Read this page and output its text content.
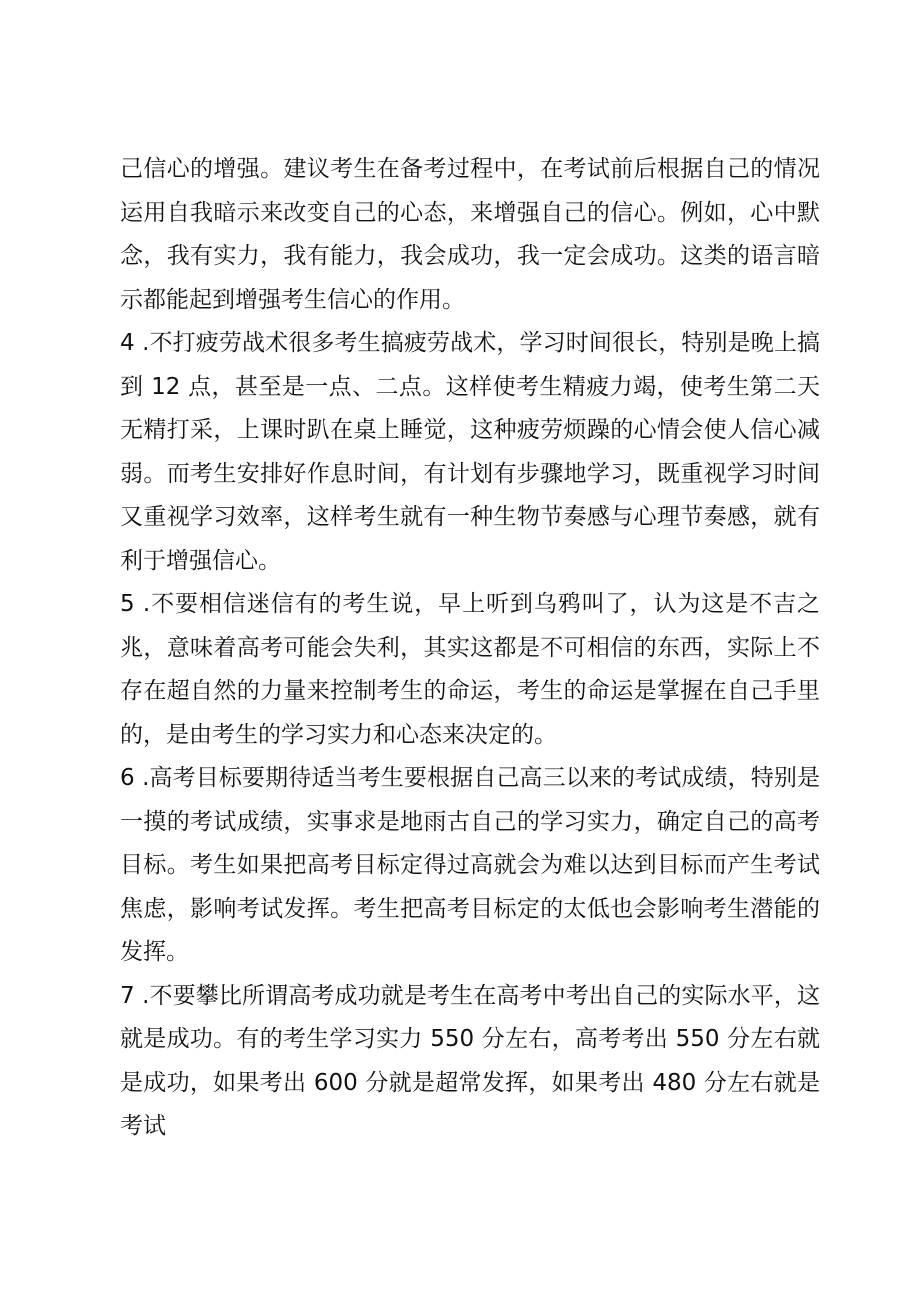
己信心的增强。建议考生在备考过程中，在考试前后根据自己的情况运用自我暗示来改变自己的心态，来增强自己的信心。例如，心中默念，我有实力，我有能力，我会成功，我一定会成功。这类的语言暗示都能起到增强考生信心的作用。

4 .不打疲劳战术很多考生搞疲劳战术，学习时间很长，特别是晚上搞到 12 点，甚至是一点、二点。这样使考生精疲力竭，使考生第二天无精打采，上课时趴在桌上睡觉，这种疲劳烦躁的心情会使人信心减弱。而考生安排好作息时间，有计划有步骤地学习，既重视学习时间又重视学习效率，这样考生就有一种生物节奏感与心理节奏感，就有利于增强信心。

5 .不要相信迷信有的考生说，早上听到乌鸦叫了，认为这是不吉之兆，意味着高考可能会失利，其实这都是不可相信的东西，实际上不存在超自然的力量来控制考生的命运，考生的命运是掌握在自己手里的，是由考生的学习实力和心态来决定的。

6 .高考目标要期待适当考生要根据自己高三以来的考试成绩，特别是一摸的考试成绩，实事求是地雨古自己的学习实力，确定自己的高考目标。考生如果把高考目标定得过高就会为难以达到目标而产生考试焦虑，影响考试发挥。考生把高考目标定的太低也会影响考生潜能的发挥。

7 .不要攀比所谓高考成功就是考生在高考中考出自己的实际水平，这就是成功。有的考生学习实力 550 分左右，高考考出 550 分左右就是成功，如果考出 600 分就是超常发挥，如果考出 480 分左右就是考试
